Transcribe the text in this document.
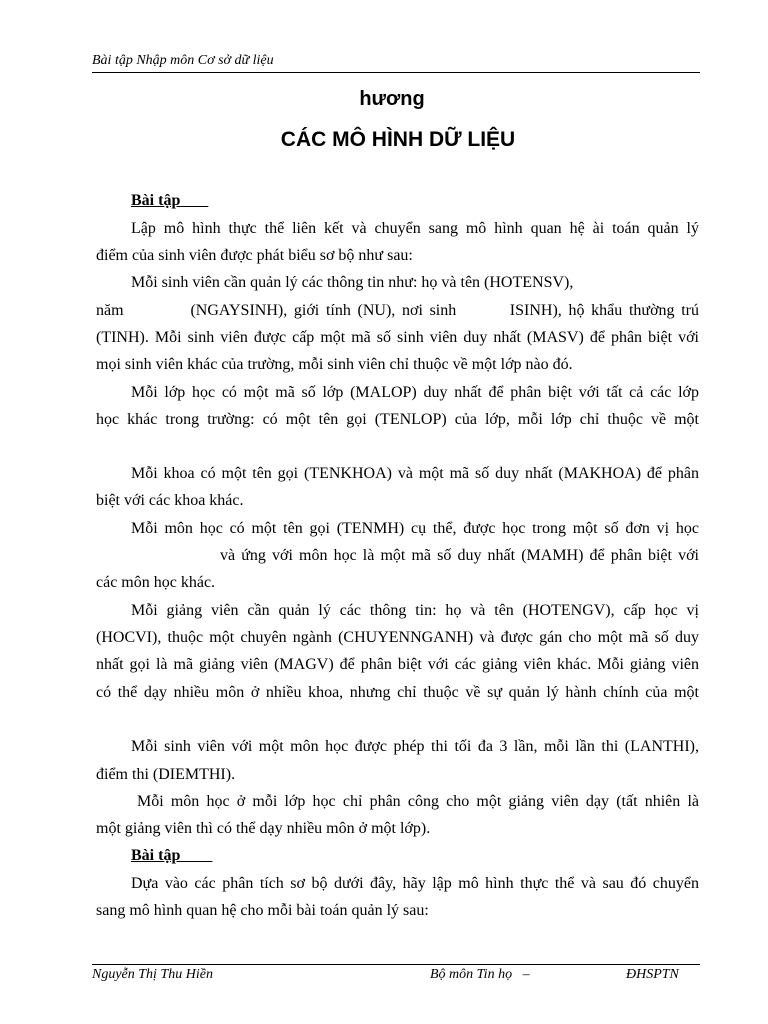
Bài tập Nhập môn Cơ sở dữ liệu
hương
CÁC MÔ HÌNH DỮ LIỆU
Bài tập
Lập mô hình thực thể liên kết và chuyển sang mô hình quan hệ ài toán quản lý
điểm của sinh viên được phát biểu sơ bộ như sau:
Mỗi sinh viên cần quản lý các thông tin như: họ và tên (HOTENSV),
năm          (NGAYSINH), giới tính (NU), nơi sinh        ISINH), hộ khẩu thường trú
(TINH). Mỗi sinh viên được cấp một mã số sinh viên duy nhất (MASV) để phân biệt với
mọi sinh viên khác của trường, mỗi sinh viên chỉ thuộc về một lớp nào đó.
Mỗi lớp học có một mã số lớp (MALOP) duy nhất để phân biệt với tất cả các lớp
học khác trong trường: có một tên gọi (TENLOP) của lớp, mỗi lớp chỉ thuộc về một
Mỗi khoa có một tên gọi (TENKHOA) và một mã số duy nhất (MAKHOA) để phân
biệt với các khoa khác.
Mỗi môn học có một tên gọi (TENMH) cụ thể, được học trong một số đơn vị học
và ứng với môn học là một mã số duy nhất (MAMH) để phân biệt với
các môn học khác.
Mỗi giảng viên cần quản lý các thông tin: họ và tên (HOTENGV), cấp học vị
(HOCVI), thuộc một chuyên ngành (CHUYENNGANH) và được gán cho một mã số duy
nhất gọi là mã giảng viên (MAGV) để phân biệt với các giảng viên khác. Mỗi giảng viên
có thể dạy nhiều môn ở nhiều khoa, nhưng chỉ thuộc về sự quản lý hành chính của một
Mỗi sinh viên với một môn học được phép thi tối đa 3 lần, mỗi lần thi (LANTHI),
điểm thi (DIEMTHI).
Mỗi môn học ở mỗi lớp học chỉ phân công cho một giảng viên dạy (tất nhiên là
một giảng viên thì có thể dạy nhiều môn ở một lớp).
Bài tập
Dựa vào các phân tích sơ bộ dưới đây, hãy lập mô hình thực thể và sau đó chuyển
sang mô hình quan hệ cho mỗi bài toán quản lý sau:
Nguyễn Thị Thu Hiền	Bộ môn Tin họ   –	ĐHSPTN
